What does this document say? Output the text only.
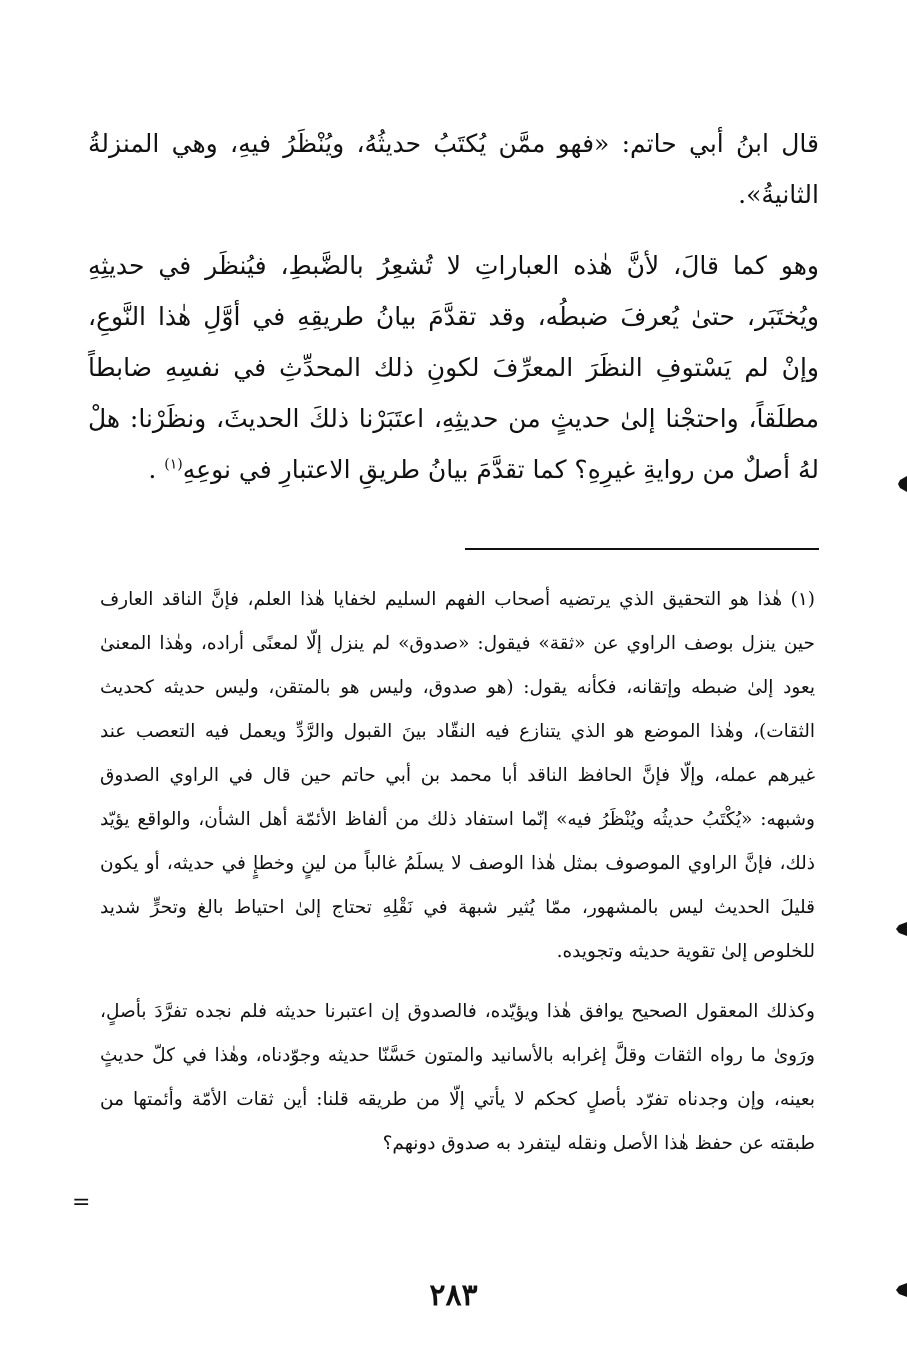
قال ابنُ أبي حاتم: «فهو ممَّن يُكتَبُ حديثُهُ، ويُنْظَرُ فيهِ، وهي المنزلةُ الثانيةُ».

وهو كما قالَ، لأنَّ هٰذه العباراتِ لا تُشعِرُ بالضَّبطِ، فيُنظَر في حديثِهِ ويُختَبَر، حتىٰ يُعرفَ ضبطُه، وقد تقدَّمَ بيانُ طريقِهِ في أوَّلِ هٰذا النَّوعِ، وإنْ لم يَسْتوفِ النظَرَ المعرِّفَ لكونِ ذلك المحدِّثِ في نفسِهِ ضابطاً مطلَقاً، واحتجْنا إلىٰ حديثٍ من حديثِهِ، اعتَبَرْنا ذلكَ الحديثَ، ونظَرْنا: هلْ لهُ أصلٌ من روايةِ غيرِهِ؟ كما تقدَّمَ بيانُ طريقِ الاعتبارِ في نوعِهِ$^{(١)}$ .

(١) هٰذا هو التحقيق الذي يرتضيه أصحاب الفهم السليم لخفايا هٰذا العلم، فإنَّ الناقد العارف حين ينزل بوصف الراوي عن «ثقة» فيقول: «صدوق» لم ينزل إلّا لمعنًى أراده، وهٰذا المعنىٰ يعود إلىٰ ضبطه وإتقانه، فكأنه يقول: (هو صدوق، وليس هو بالمتقن، وليس حديثه كحديث الثقات)، وهٰذا الموضع هو الذي يتنازع فيه النقّاد بينَ القبول والرَّدِّ ويعمل فيه التعصب عند غيرهم عمله، وإلّا فإنَّ الحافظ الناقد أبا محمد بن أبي حاتم حين قال في الراوي الصدوق وشبهه: «يُكْتَبُ حديثُه ويُنْظَرُ فيه» إنّما استفاد ذلك من ألفاظ الأئمّة أهل الشأن، والواقع يؤيّد ذلك، فإنَّ الراوي الموصوف بمثل هٰذا الوصف لا يسلَمُ غالباً من لينٍ وخطإٍ في حديثه، أو يكون قليلَ الحديث ليس بالمشهور، ممّا يُثير شبهة في نَقْلِهِ تحتاج إلىٰ احتياط بالغ وتحرٍّ شديد للخلوص إلىٰ تقوية حديثه وتجويده.

وكذلك المعقول الصحيح يوافق هٰذا ويؤيّده، فالصدوق إن اعتبرنا حديثه فلم نجده تفرَّدَ بأصلٍ، ورَوىٰ ما رواه الثقات وقلَّ إغرابه بالأسانيد والمتون حَسَّنّا حديثه وجوّدناه، وهٰذا في كلّ حديثٍ بعينه، وإن وجدناه تفرّد بأصلٍ كحكم لا يأتي إلّا من طريقه قلنا: أين ثقات الأمّة وأئمتها من طبقته عن حفظ هٰذا الأصل ونقله ليتفرد به صدوق دونهم؟

٢٨٣
=
